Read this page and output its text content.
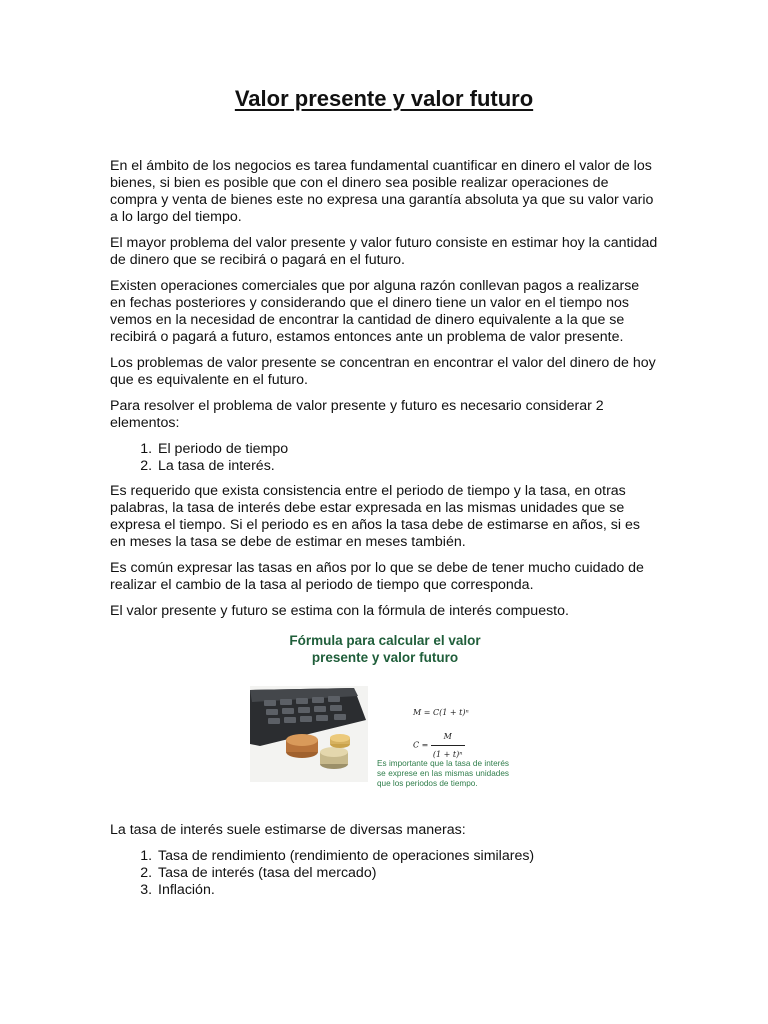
Valor presente y valor futuro

En el ámbito de los negocios es tarea fundamental cuantificar en dinero el valor de los bienes, si bien es posible que con el dinero sea posible realizar operaciones de compra y venta de bienes este no expresa una garantía absoluta ya que su valor vario a lo largo del tiempo.

El mayor problema del valor presente y valor futuro consiste en estimar hoy la cantidad de dinero que se recibirá o pagará en el futuro.

Existen operaciones comerciales que por alguna razón conllevan pagos a realizarse en fechas posteriores y considerando que el dinero tiene un valor en el tiempo nos vemos en la necesidad de encontrar la cantidad de dinero equivalente a la que se recibirá o pagará a futuro, estamos entonces ante un problema de valor presente.

Los problemas de valor presente se concentran en encontrar el valor del dinero de hoy que es equivalente en el futuro.

Para resolver el problema de valor presente y futuro es necesario considerar 2 elementos:

1. El periodo de tiempo
2. La tasa de interés.

Es requerido que exista consistencia entre el periodo de tiempo y la tasa, en otras palabras, la tasa de interés debe estar expresada en las mismas unidades que se expresa el tiempo. Si el periodo es en años la tasa debe de estimarse en años, si es en meses la tasa se debe de estimar en meses también.

Es común expresar las tasas en años por lo que se debe de tener mucho cuidado de realizar el cambio de la tasa al periodo de tiempo que corresponda.

El valor presente y futuro se estima con la fórmula de interés compuesto.

Fórmula para calcular el valor
presente y valor futuro
M = C(1 + t)ⁿ
$C = \frac{M}{\text{(1 + t)ⁿ}}$
Es importante que la tasa de interés se exprese en las mismas unidades que los periodos de tiempo.

La tasa de interés suele estimarse de diversas maneras:

1. Tasa de rendimiento (rendimiento de operaciones similares)
2. Tasa de interés (tasa del mercado)
3. Inflación.
